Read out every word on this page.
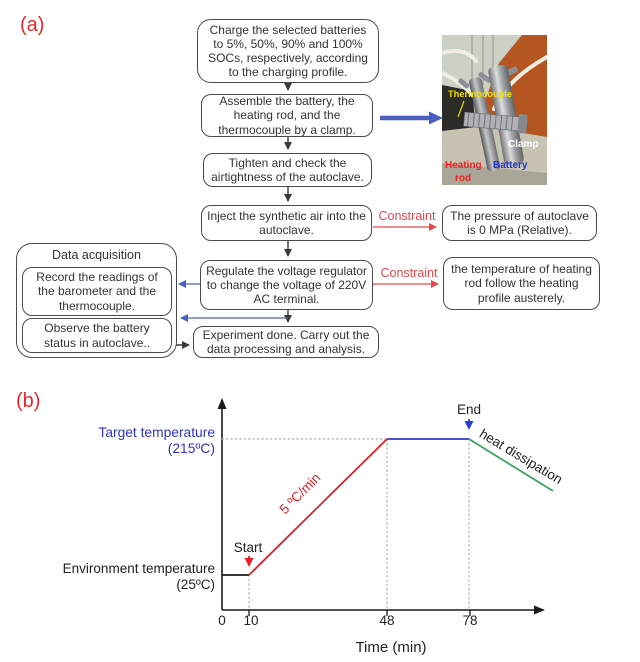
(a)	Charge the selected batteries to 5%, 50%, 90% and 100% SOCs, respectively, according to the charging profile.
Assemble the battery, the heating rod, and the thermocouple by a clamp.
Tighten and check the airtightness of the autoclave.
Inject the synthetic air into the autoclave.
Regulate the voltage regulator to change the voltage of 220V AC terminal.
Experiment done. Carry out the data processing and analysis.
Data acquisition
Record the readings of the barometer and the thermocouple.
Observe the battery status in autoclave..
Constraint
Constraint
The pressure of autoclave is 0 MPa (Relative).
the temperature of heating rod follow the heating profile austerely.
Thermocouple
Clamp
Heating
rod
Battery
(b)
Target temperature
(215ºC)
Environment temperature
(25ºC)
Start
End
5 ºC/min
heat dissipation
0	10	48	78
Time (min)
